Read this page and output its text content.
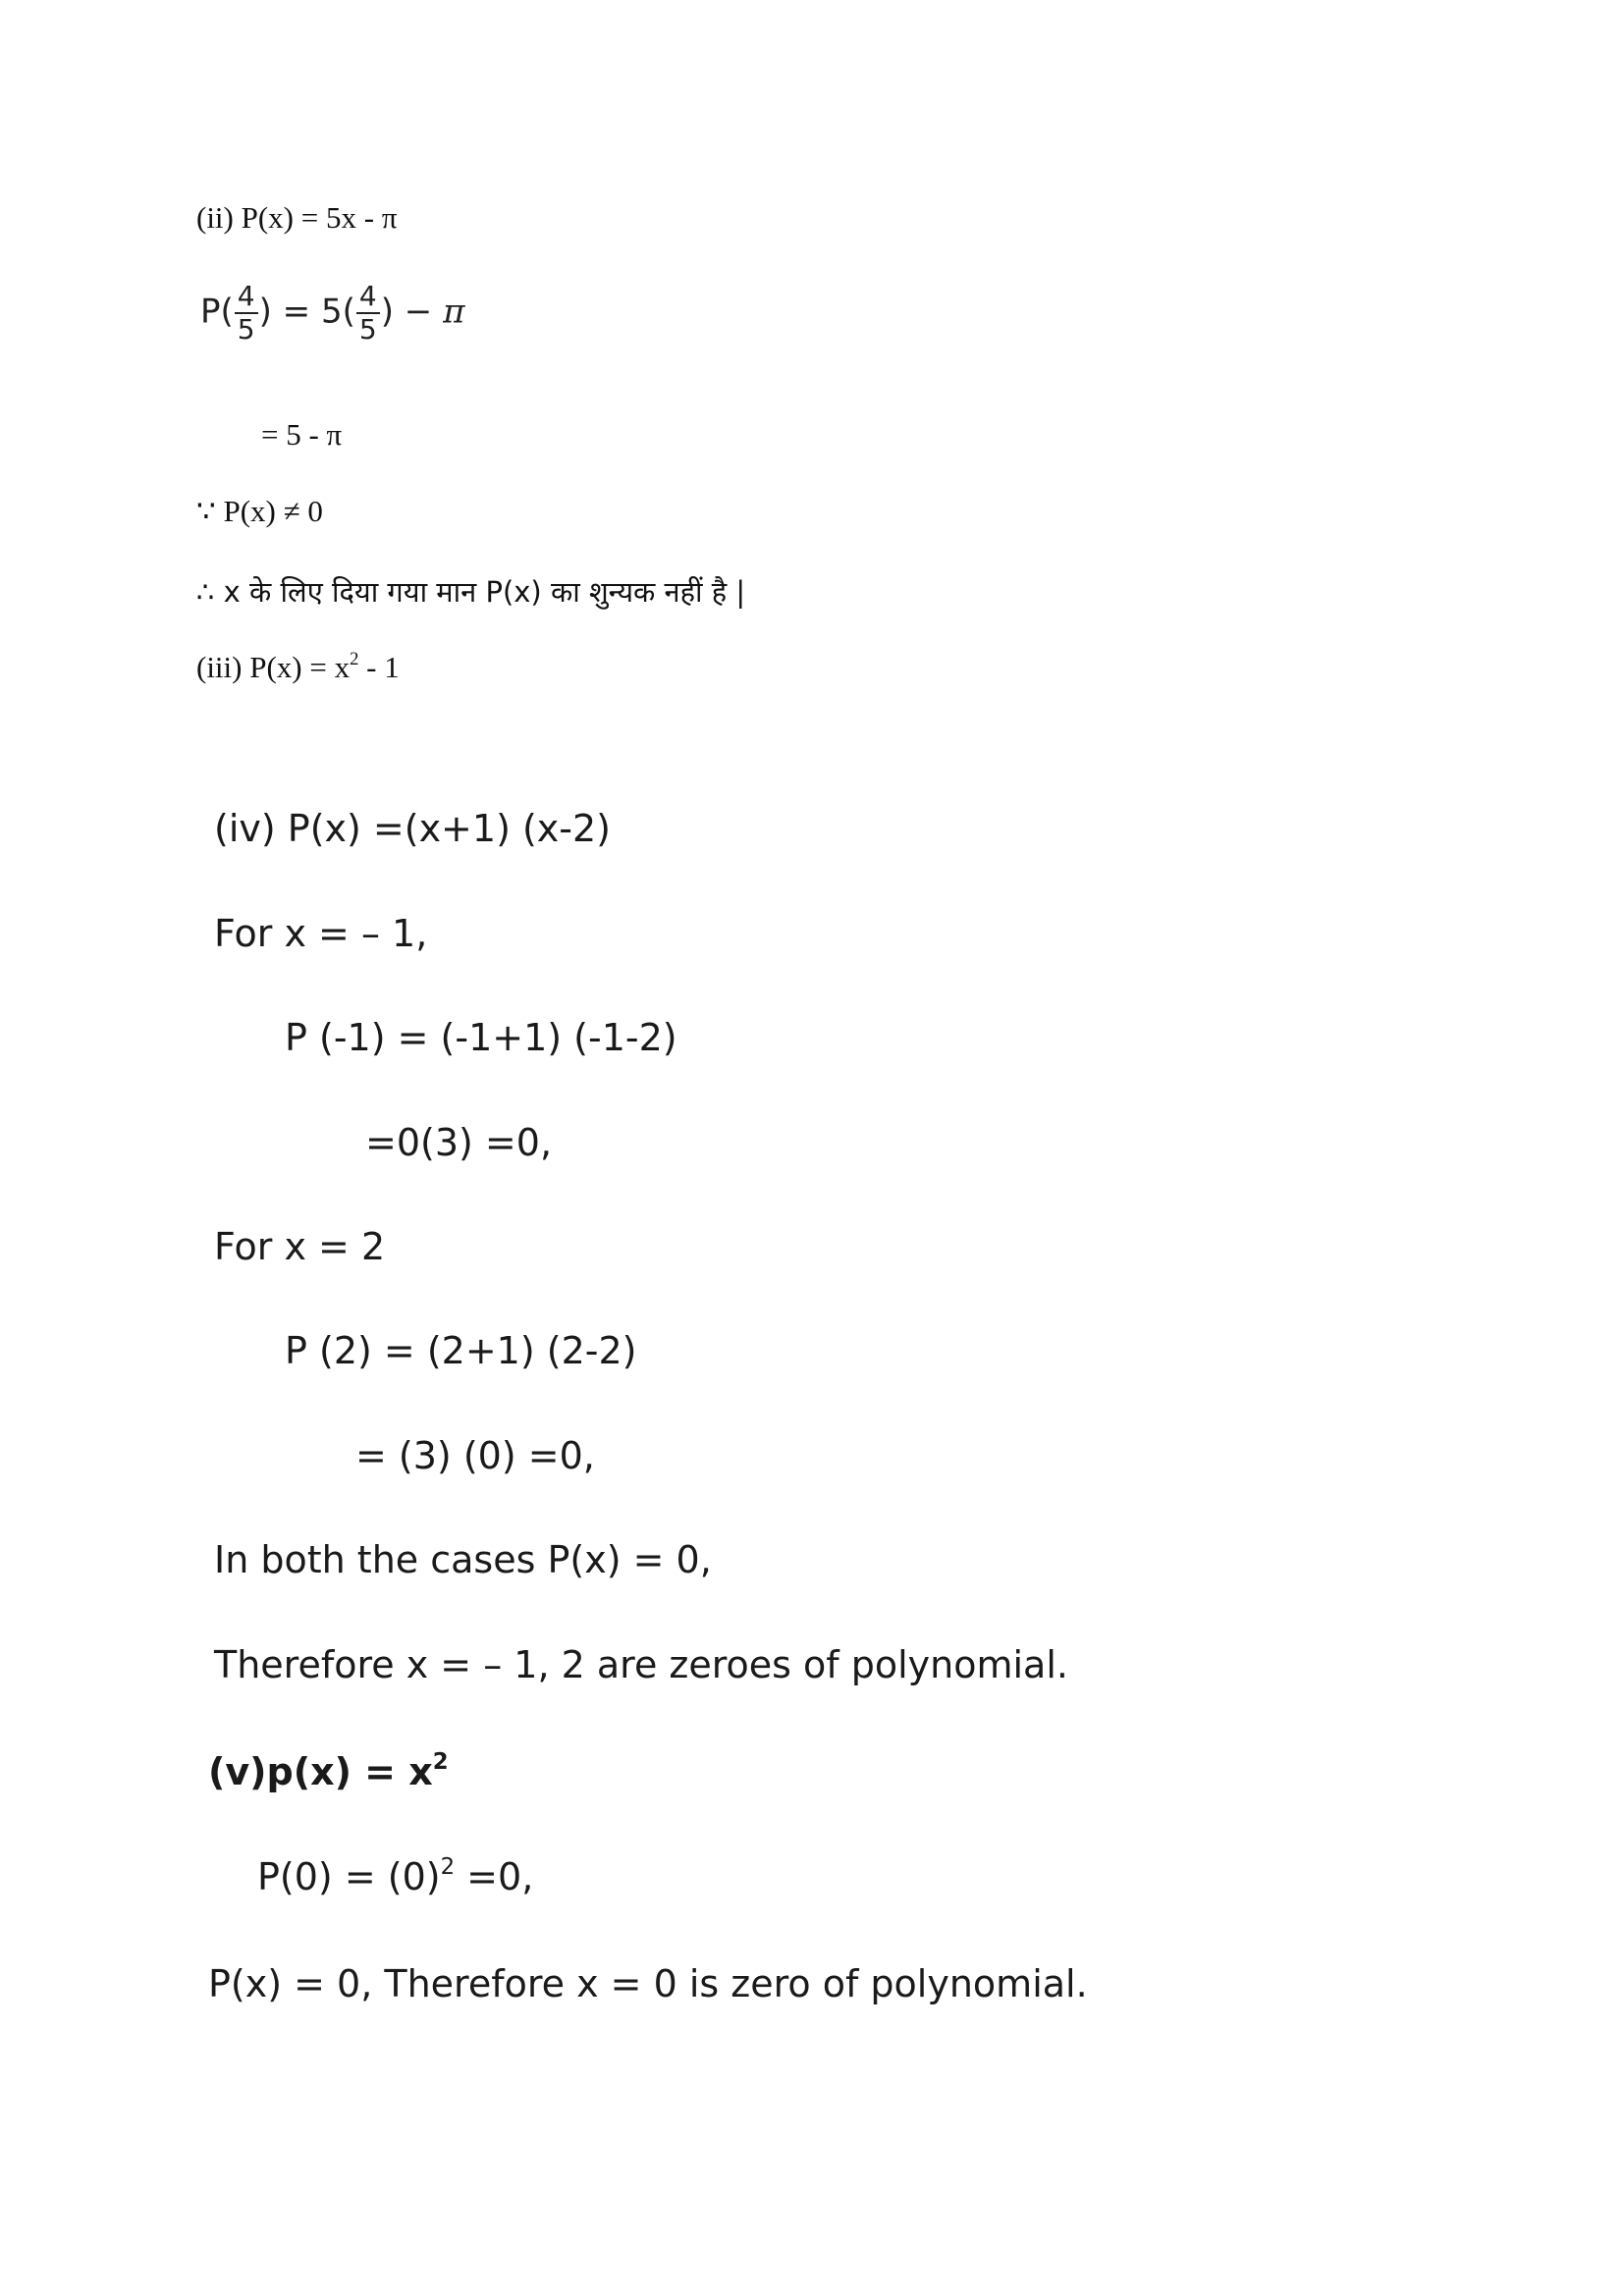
(ii) P(x) = 5x - π
$P( \frac{4}{5}$ ) = $5( \frac{4}{5}$ ) − π
= 5 - π
∵ P(x) ≠ 0
∴ x के लिए दिया गया मान P(x) का शुन्यक नहीं है |
(iii) $P(x) = x^2 - 1$
(iv) P(x) =(x+1) (x-2)
For x = – 1,
P (-1) = (-1+1) (-1-2)
=0(3) =0,
For x = 2
P (2) = (2+1) (2-2)
= (3) (0) =0,
In both the cases P(x) = 0,
Therefore x = – 1, 2 are zeroes of polynomial.
$(v)p(x) = x^2$
$P(0) = (0)^2 =0$,
P(x) = 0, Therefore x = 0 is zero of polynomial.
